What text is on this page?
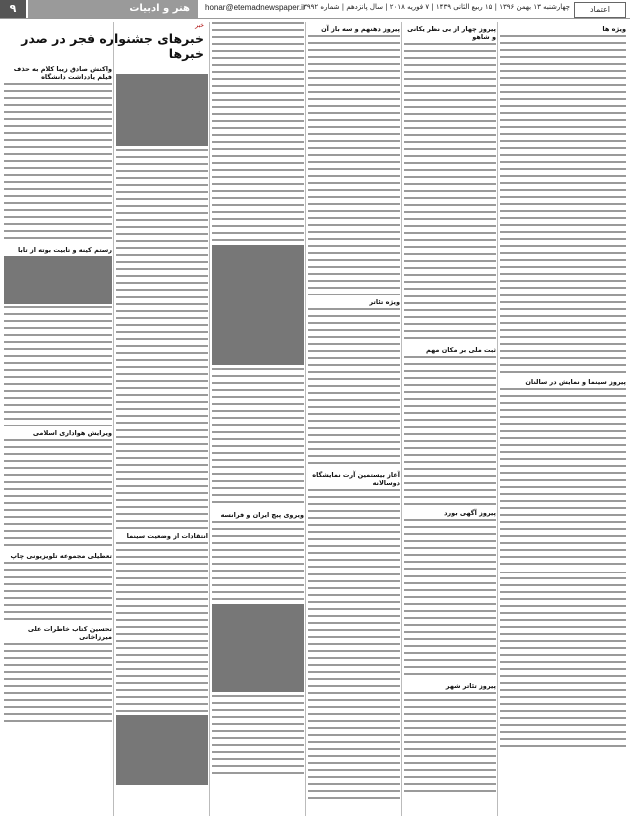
۹	هنر و ادبیات	honar@etemadnewspaper.ir
چهارشنبه ۱۳ بهمن ۱۳۹۶ | ۱۵ ربیع الثانی ۱۴۳۹ | ۷ فوریه ۲۰۱۸ | سال پانزدهم | شماره ۳۹۹۲	اعتماد
واکنش صادق زیبا کلام به حذف فیلم یادداشت دانشگاه
رستم کینه و تابیت بوته از تابا
ویرایش هواداری اسلامی
تعطیلی مجموعه تلویزیونی چاپ
تحسین کتاب خاطرات علی میرزاخانی
خبر
خبرهای جشنواره فجر در صدر خبرها
انتقادات از وضعیت سینما
ویروی پیچ ایران و فرانسه
پیروز دهنهم و سه باز آن
ویژه تئاتر
آغاز بیستمین آرت نمایشگاه دوسالانه
پیروز چهار از بی نظر یکانی و شاهو
ثبت ملی بر مکان مهم
پیروز آگهی بورد
پیروز تئاتر شهر
ویژه ها
پیروز سینما و نمایش در سالنان
